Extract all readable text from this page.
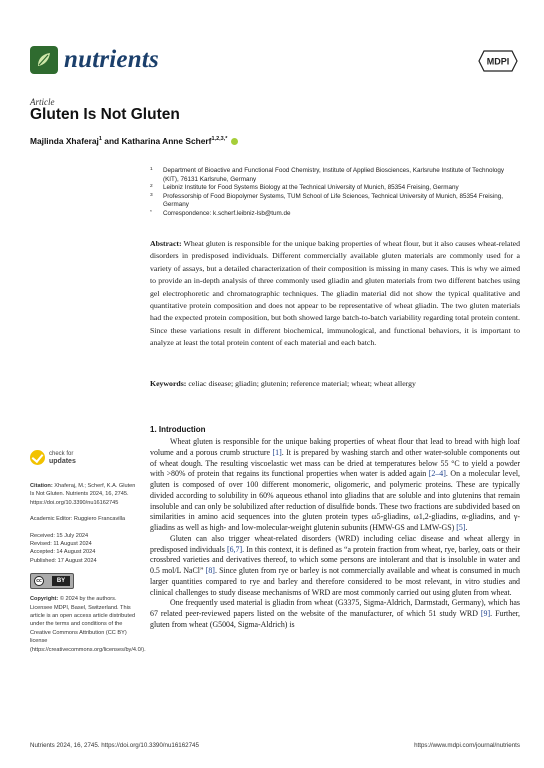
nutrients	MDPI
Article
Gluten Is Not Gluten
Majlinda Xhaferaj$^1$ and Katharina Anne Scherf$^{1,2,3,*}$
1 Department of Bioactive and Functional Food Chemistry, Institute of Applied Biosciences, Karlsruhe Institute of Technology (KIT), 76131 Karlsruhe, Germany
2 Leibniz Institute for Food Systems Biology at the Technical University of Munich, 85354 Freising, Germany
3 Professorship of Food Biopolymer Systems, TUM School of Life Sciences, Technical University of Munich, 85354 Freising, Germany
* Correspondence: k.scherf.leibniz-lsb@tum.de
Abstract: Wheat gluten is responsible for the unique baking properties of wheat flour, but it also causes wheat-related disorders in predisposed individuals. Different commercially available gluten materials are commonly used for a variety of assays, but a detailed characterization of their composition is missing in many cases. This is why we aimed to provide an in-depth analysis of three commonly used gliadin and gluten materials from two different batches using gel electrophoretic and chromatographic techniques. The gliadin material did not show the typical qualitative and quantitative protein composition and does not appear to be representative of wheat gliadin. The two gluten materials had the expected protein composition, but both showed large batch-to-batch variability regarding total protein content. Since these variations result in different biochemical, immunological, and functional behaviors, it is important to analyze at least the total protein content of each material and each batch.
Keywords: celiac disease; gliadin; glutenin; reference material; wheat; wheat allergy
check for
updates
Citation: Xhaferaj, M.; Scherf, K.A. Gluten Is Not Gluten. Nutrients 2024, 16, 2745. https://doi.org/10.3390/nu16162745
Academic Editor: Ruggiero Francavilla
Received: 15 July 2024
Revised: 11 August 2024
Accepted: 14 August 2024
Published: 17 August 2024
cc	BY
Copyright: © 2024 by the authors. Licensee MDPI, Basel, Switzerland. This article is an open access article distributed under the terms and conditions of the Creative Commons Attribution (CC BY) license (https://creativecommons.org/licenses/by/4.0/).
1. Introduction

Wheat gluten is responsible for the unique baking properties of wheat flour that lead to bread with high loaf volume and a porous crumb structure [1]. It is prepared by washing starch and other water-soluble components out of wheat dough. The resulting viscoelastic wet mass can be dried at temperatures below 55 °C to yield a powder with >80% of protein that regains its functional properties when water is added again [2–4]. On a molecular level, gluten is composed of over 100 different monomeric, oligomeric, and polymeric proteins. These are typically divided according to solubility in 60% aqueous ethanol into gliadins that are soluble and into glutenins that remain insoluble and can only be solubilized after reduction of disulfide bonds. These two fractions are subdivided based on similarities in amino acid sequences into the gluten protein types ω5-gliadins, ω1,2-gliadins, α-gliadins, and γ-gliadins as well as high- and low-molecular-weight glutenin subunits (HMW-GS and LMW-GS) [5].

Gluten can also trigger wheat-related disorders (WRD) including celiac disease and wheat allergy in predisposed individuals [6,7]. In this context, it is defined as “a protein fraction from wheat, rye, barley, oats or their crossbred varieties and derivatives thereof, to which some persons are intolerant and that is insoluble in water and 0.5 mol/L NaCl” [8]. Since gluten from rye or barley is not commercially available and wheat is consumed in much larger quantities compared to rye and barley and therefore considered to be most relevant, in vitro studies and clinical challenges to study disease mechanisms of WRD are most commonly carried out using gluten from wheat.

One frequently used material is gliadin from wheat (G3375, Sigma-Aldrich, Darmstadt, Germany), which has 67 related peer-reviewed papers listed on the website of the manufacturer, of which 51 study WRD [9]. Further, gluten from wheat (G5004, Sigma-Aldrich) is

Nutrients 2024, 16, 2745. https://doi.org/10.3390/nu16162745	https://www.mdpi.com/journal/nutrients
